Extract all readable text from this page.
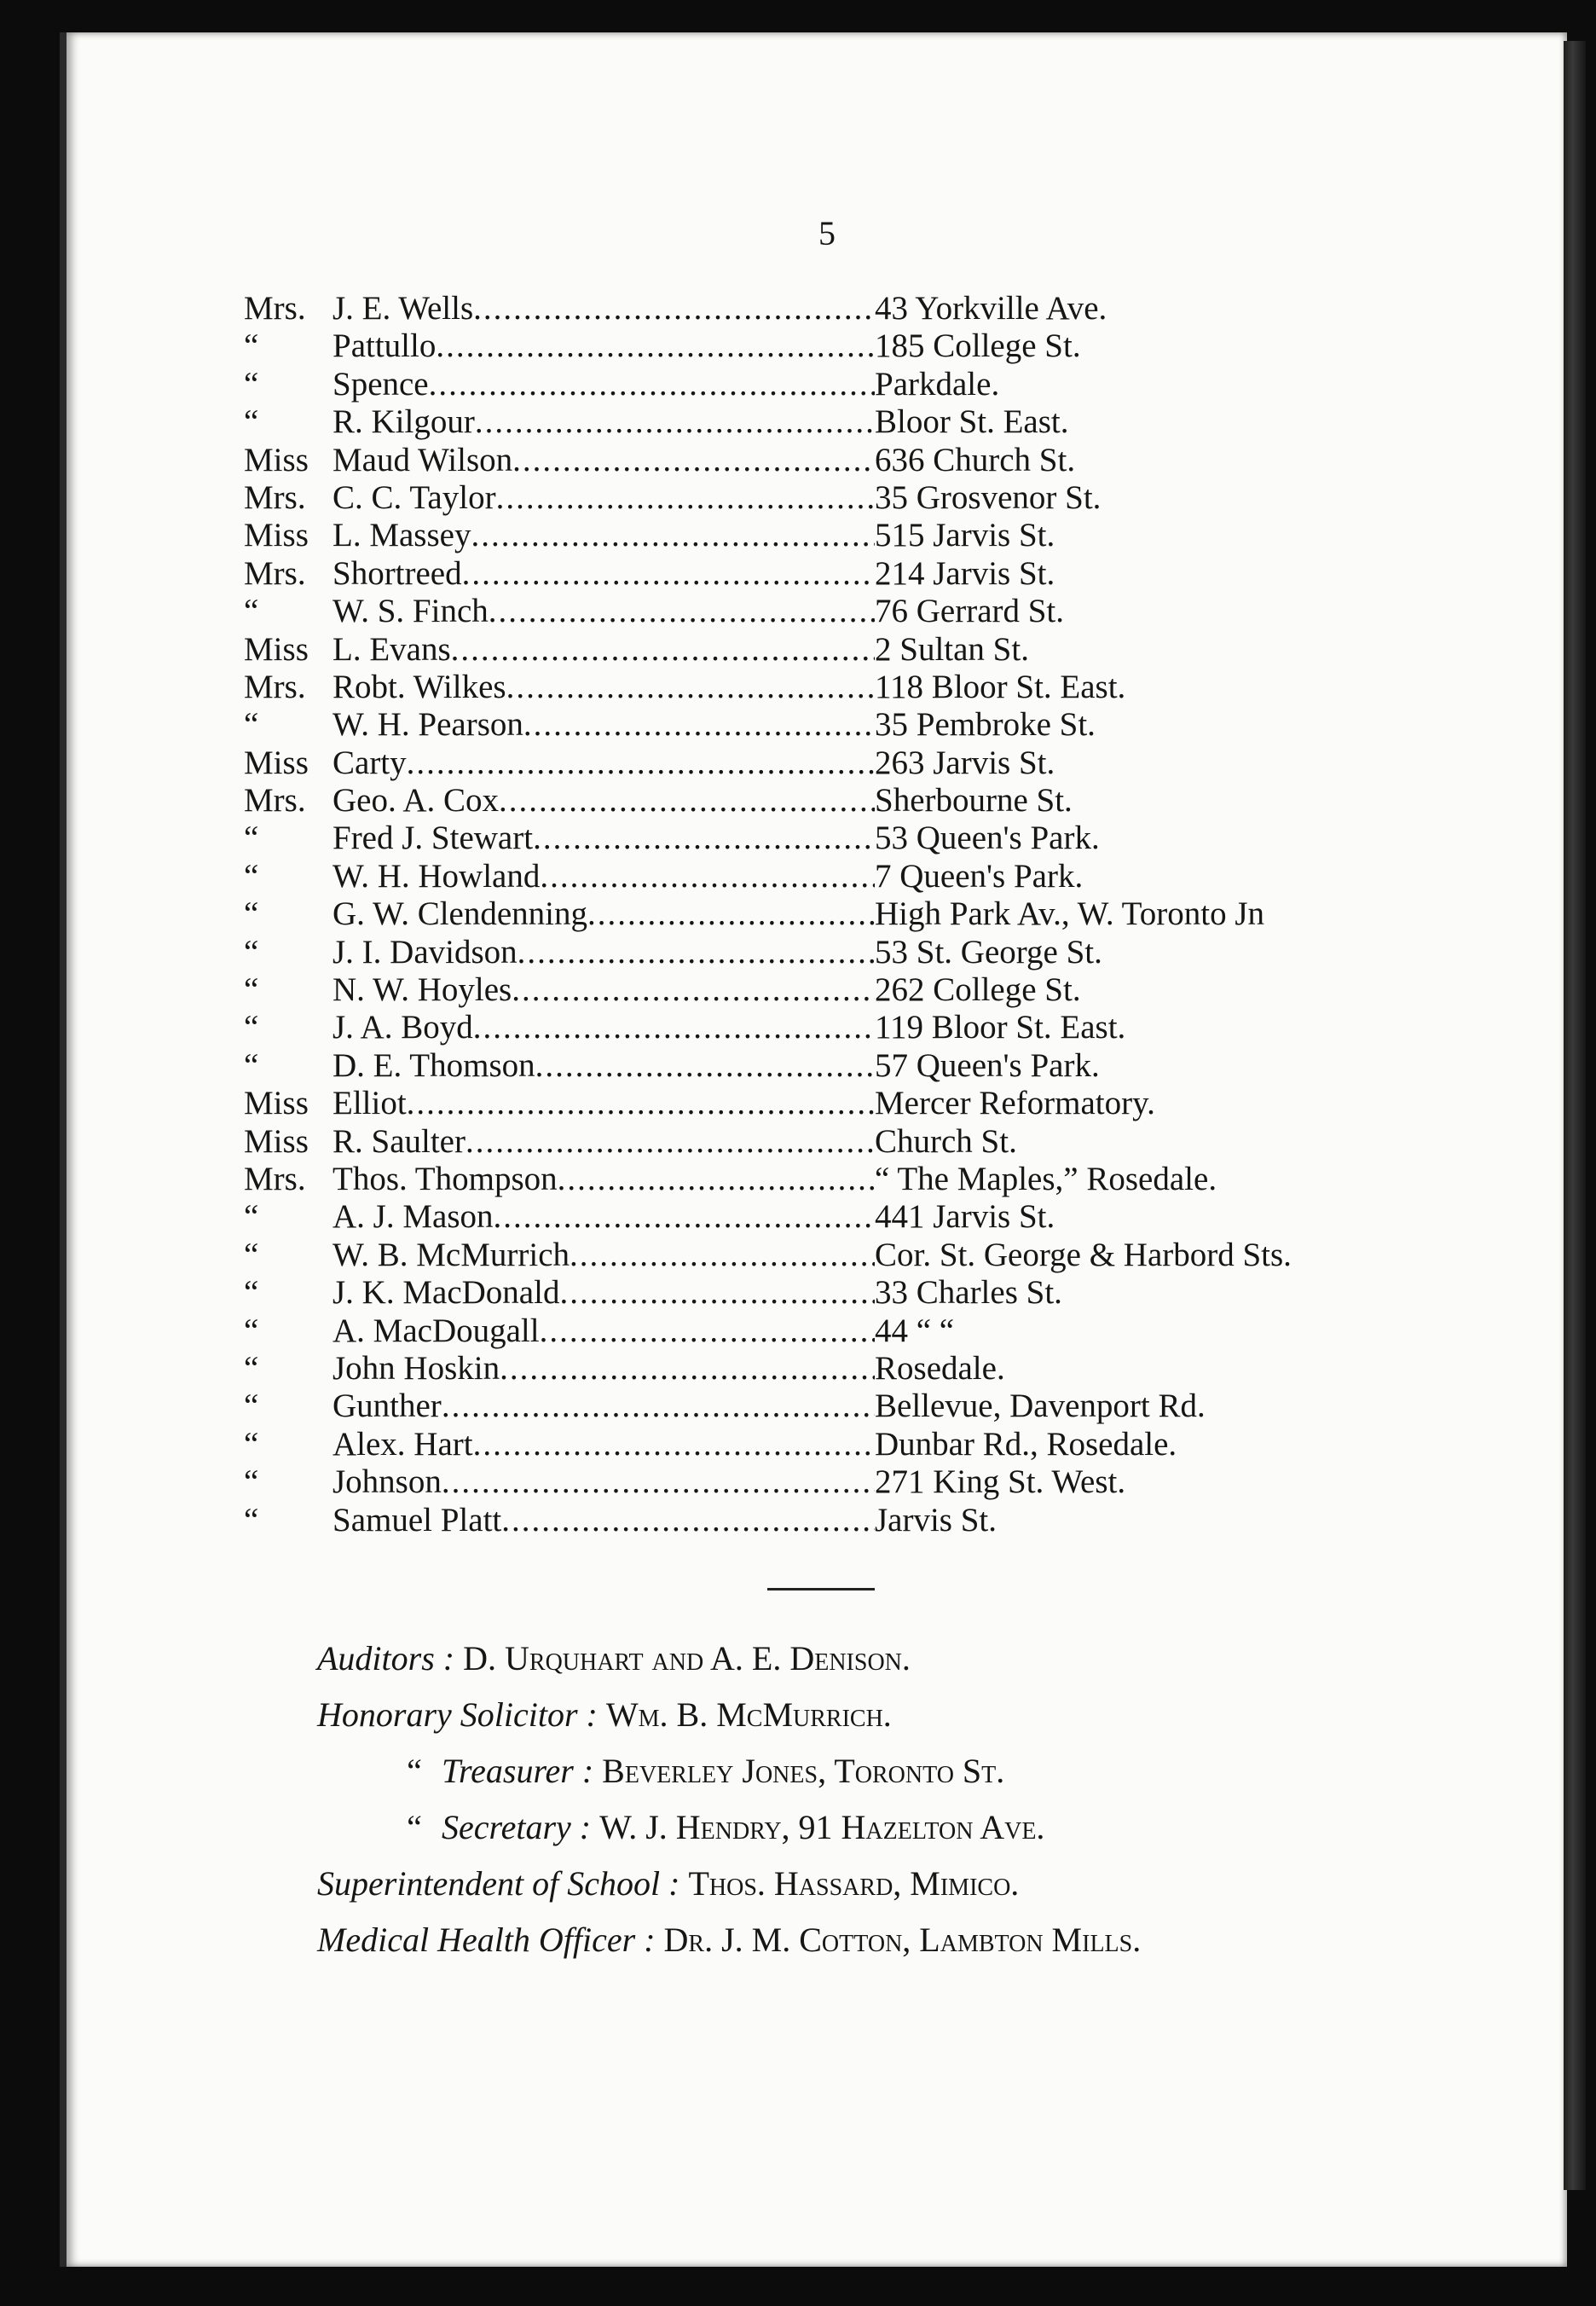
5
Mrs. J. E. Wells .....	43 Yorkville Ave.
“	Pattullo .....	185 College St.
“	Spence .....	Parkdale.
“	R. Kilgour .....	Bloor St. East.
Miss Maud Wilson .....	636 Church St.
Mrs. C. C. Taylor .....	35 Grosvenor St.
Miss L. Massey .....	515 Jarvis St.
Mrs. Shortreed .....	214 Jarvis St.
“	W. S. Finch .....	76 Gerrard St.
Miss L. Evans .....	2 Sultan St.
Mrs. Robt. Wilkes .....	118 Bloor St. East.
“	W. H. Pearson .....	35 Pembroke St.
Miss Carty .....	263 Jarvis St.
Mrs. Geo. A. Cox .....	Sherbourne St.
“	Fred J. Stewart .....	53 Queen's Park.
“	W. H. Howland .....	7 Queen's Park.
“	G. W. Clendenning .....	High Park Av., W. Toronto Jn
“	J. I. Davidson .....	53 St. George St.
“	N. W. Hoyles .....	262 College St.
“	J. A. Boyd .....	119 Bloor St. East.
“	D. E. Thomson .....	57 Queen's Park.
Miss Elliot .....	Mercer Reformatory.
Miss R. Saulter .....	Church St.
Mrs. Thos. Thompson .....	“ The Maples,” Rosedale.
“	A. J. Mason .....	441 Jarvis St.
“	W. B. McMurrich .....	Cor. St. George & Harbord Sts.
“	J. K. MacDonald .....	33 Charles St.
“	A. MacDougall .....	44 “ “
“	John Hoskin .....	Rosedale.
“	Gunther .....	Bellevue, Davenport Rd.
“	Alex. Hart .....	Dunbar Rd., Rosedale.
“	Johnson .....	271 King St. West.
“	Samuel Platt .....	Jarvis St.
Auditors : D. Urquhart and A. E. Denison.
Honorary Solicitor : Wm. B. McMurrich.
“ Treasurer : Beverley Jones, Toronto St.
“ Secretary : W. J. Hendry, 91 Hazelton Ave.
Superintendent of School : Thos. Hassard, Mimico.
Medical Health Officer : Dr. J. M. Cotton, Lambton Mills.
